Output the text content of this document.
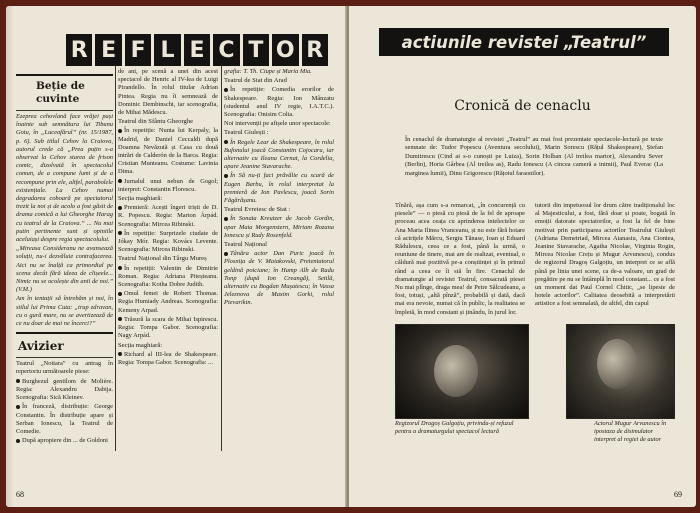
R E F L E C T O R
Beție de cuvinte

Ezeprea cehovlană face vrăjei pași înainte sub semnătura lui Tibunu Gotu, în „Luceafărul” (nr. 15/1987, p. 6). Sub titlul Cehov la Craiova, autorul crede că „Prea puțin s-a observat la Cehov starea de frison comic, dizolvată în spectacolul comun, de a compune lumi și de a recompune prin ele, altfel, parabolele existențiale. La Cehov numai degradarea coboară pe spectatorul trezit la noi și de acolo a fost găsit de drama comică a lui Gheorghe Harag cu teatrul de la Craiova.” ... Nu mai putin pertinente sunt și opiniile aceluiași despre regia spectacolului.

„Mireasa Consideranu ne avansează soluții, nu-i dezvăluie contrafacerea. Aici nu se înalță ca primordial pe scena decât fără ideea de clișeele... Nimic nu se ocolește din anii de noi.” (V.M.)

Am în tentații să întrebăm și noi, în stilul lui Prima Cuta: „trup zdravan, cu o gură mare, nu se avertizează de ce nu doar de mai ne încerci?”

Avizier

Teatrul „Nottara” cu antrag în repertoriu următoarele piese:

Burghezul gentilom de Molière. Regia: Alexandru Dabija. Scenografia: Sică Kleinev.

În franceză, distribuție: George Constantin. În distribuție apare și Serban Ionescu, la Teatrul de Comedie.

După apropiere din ... de Goldoni

de ani, pe scenă a unei din acest spectacol de Henric al IV-lea de Luigi Pirandello. În rolul titular Adrian Pintea. Regia nu îi semnează de Dominic Dembinschi, iar scenografia, de Mihai Mădescu.

Teatrul din Sfântu Gheorghe

În repetiție: Nunta lui Kerpaly, la Madrid, de Daniel Ceccaldi după Doamna Nevăzută și Casa cu două intrări de Calderón de la Barca. Regia: Cristian Munteanu. Costume: Lavinia Dima.

Jurnalul unui nebun de Gogol; interpret: Constantin Florescu.

Secția maghiară:

Premieră: Acești îngeri triști de D. R. Popescu. Regia: Marton Árpád. Scenografia: Mircea Ribinski.

În repetiție: Surprizele ciudate de Jókay Mór. Regia: Kovács Levente. Scenografia: Mircea Ribinski.

Teatrul Național din Târgu Mureș

În repetiții: Valentin de Dimitrie Roman. Regia: Adriana Piteșteanu. Scenografia: Kotha Dobre Judith.

Omul femei de Robert Thomas. Regia Humiady Andreas. Scenografia: Kemeny Arpad.

Trăsură la scara de Mihai Ispirescu. Regia: Tompa Gabor. Scenografia: Nagy Arpád.

Secția maghiară:

Richard al III-lea de Shakespeare. Regia: Tompa Gabor. Scenografia: ...

grafia: T. Th. Ciupe și Maria Mia.

Teatrul de Stat din Arad

În repetiție: Comedia erorilor de Shakespeare. Regia: Ion Mânzatu (studentul anul IV regie, I.A.T.C.). Scenografia: Onisim Colta.

Noi intervenții pe afișele unor spectacole:

Teatrul Giulești :

În Regele Lear de Shakespeare, în rolul Bufonului joacă Constantin Cojocaru, iar alternativ cu Ileana Cernat, la Cordelia, apare Jeanine Stavarache.

În Să nu-ți faci prăvălie cu scară de Eugen Barbu, în rolul interpretat la premieră de Ion Pavlescu, joacă Sorin Făgărășanu.

Teatrul Evreiesc de Stat :

În Sonata Kreutzer de Jacob Gordin, apar Maia Morgenstern, Miriam Rozana Ionescu și Rudy Rosenfeld.

Teatrul Național

Tânăra actor Dan Puric joacă în Plosnița de V. Maiakovski, Pretentatorul geldină poiciane; în Hamp Alb de Radu Tonp (după Ion Creangă), Setilă, alternativ cu Bogdan Mușatescu; în Vassa Jeleznova de Maxim Gorki, rolul Pievarikin.

68
actiunile revistei „Teatrul”
Cronică de cenaclu
În cenaclul de dramaturgie al revistei „Teatrul” au mai fost prezentate spectacole-lectură pe texte semnate de: Tudor Popescu (Aventura secolului), Marin Sorescu (Rățul Shakespeare), Ștefan Dumitrescu (Cind ai s-o cunoști pe Luiza), Sorin Holban (Al treilea martor), Alexandru Sever (Berlin), Horia Gârbea (Al treilea as), Radu Ionescu (A cincea cameră a inimii), Paul Everac (La marginea lumii), Dinu Grigorescu (Rățoiul faraonilor).
Tînără, așa cum s-a remarcat, „în concurență cu piesele” — o piesă cu piesă de la fel de aproape proceau acea ceața cu aprinderea intelectelor ce Ana Maria Ilinea Vranceanu, și nu este fără hotare că actrițele Mărcu, Sergiu Tănase, Ioan și Eduard Rădulescu, ceea ce a fost, până la urmă, o reuniune de tinere, mai are de realizat, eventual, o căldură mai pozitivă pe-a conștiinței și în primul rând a ceea ce îi stă în fire. Cenaclul de dramaturgie al revistei Teatrul, consacrată piesei Nu mai plînge, draga mea! de Petre Sălcudeanu, a fost, totuși, „altă pînză”, probabilă și dată, dacă mai era nevoie, numai că în public, la realitatea se împletă, în mod constant și ținându, în jurul lor.
tutorii din impetuosul lor drum către tradiționalul loc al Majesticului, a fost, fără doar și poate, bogată în emoții datorate spectatorilor, a fost la fel de bine motivat prin participarea actorilor Teatrului Giulești (Adriana Demetriad, Mircea Atanasiu, Ana Ciontea, Jeanine Stavarache, Agatha Nicolae, Virginia Rogin, Mircea Nicolae Crețu și Mugur Arvunescu), condus de regizorul Dragoș Galgoțiu, un interpret ce se află până pe linia unei scene, ca de-a valoare, un grad de pregătire pe nu se întâmplă în mod constant... ce a fost un moment dat Paul Cornel Chitic, „se lipeste de hotele actorilor”. Calitatea deosebită a interpretării artistice a fost semnalată, de altfel, din capul
Regizorul Dragoș Galgoțiu, privindu-și refuzul pentru a dramaturgului spectacol lectură
Actorul Mugur Arvunescu în ipostaza de disimulator interpret al regiei de autor
69
